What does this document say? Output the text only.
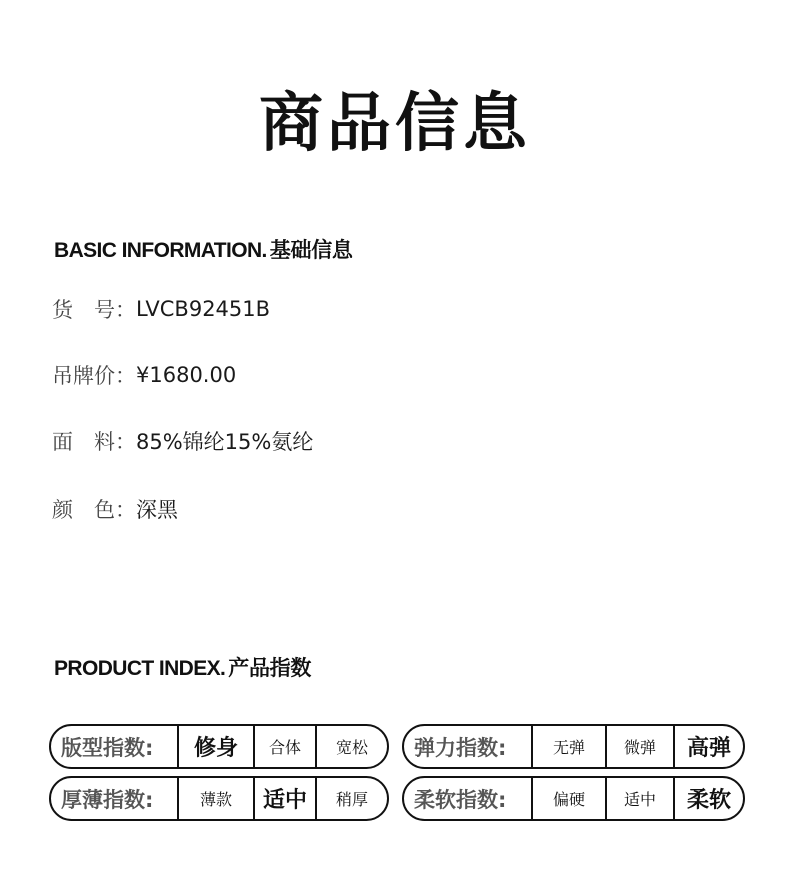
商品信息
BASIC INFORMATION. 基础信息
货　号： LVCB92451B
吊牌价： ¥1680.00
面　料： 85%锦纶15%氨纶
颜　色： 深黑
PRODUCT INDEX. 产品指数
版型指数:	修身	合体	宽松	弹力指数:	无弹	微弹	高弹
厚薄指数:	薄款	适中	稍厚	柔软指数:	偏硬	适中	柔软
